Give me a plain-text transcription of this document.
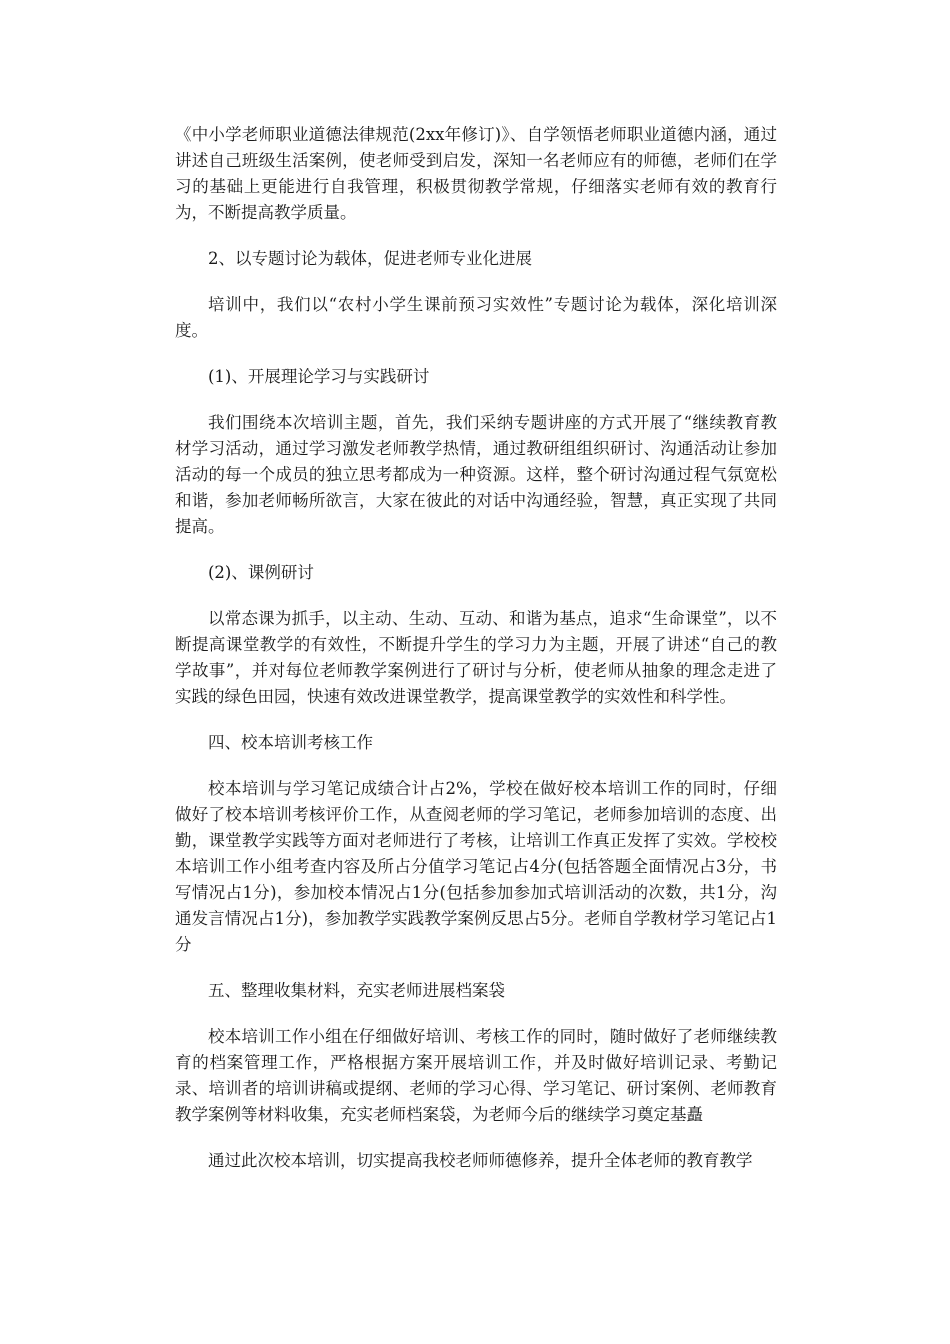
《中小学老师职业道德法律规范(2xx年修订)》、自学领悟老师职业道德内涵，通过讲述自己班级生活案例，使老师受到启发，深知一名老师应有的师德，老师们在学习的基础上更能进行自我管理，积极贯彻教学常规，仔细落实老师有效的教育行为，不断提高教学质量。

2、以专题讨论为载体，促进老师专业化进展

培训中，我们以“农村小学生课前预习实效性”专题讨论为载体，深化培训深度。

(1)、开展理论学习与实践研讨

我们围绕本次培训主题，首先，我们采纳专题讲座的方式开展了“继续教育教材学习活动，通过学习激发老师教学热情，通过教研组组织研讨、沟通活动让参加活动的每一个成员的独立思考都成为一种资源。这样，整个研讨沟通过程气氛宽松和谐，参加老师畅所欲言，大家在彼此的对话中沟通经验，智慧，真正实现了共同提高。

(2)、课例研讨

以常态课为抓手，以主动、生动、互动、和谐为基点，追求“生命课堂”，以不断提高课堂教学的有效性，不断提升学生的学习力为主题，开展了讲述“自己的教学故事”，并对每位老师教学案例进行了研讨与分析，使老师从抽象的理念走进了实践的绿色田园，快速有效改进课堂教学，提高课堂教学的实效性和科学性。

四、校本培训考核工作

校本培训与学习笔记成绩合计占2%，学校在做好校本培训工作的同时，仔细做好了校本培训考核评价工作，从查阅老师的学习笔记，老师参加培训的态度、出勤，课堂教学实践等方面对老师进行了考核，让培训工作真正发挥了实效。学校校本培训工作小组考查内容及所占分值学习笔记占4分(包括答题全面情况占3分，书写情况占1分)，参加校本情况占1分(包括参加参加式培训活动的次数，共1分，沟通发言情况占1分)，参加教学实践教学案例反思占5分。老师自学教材学习笔记占1分

五、整理收集材料，充实老师进展档案袋

校本培训工作小组在仔细做好培训、考核工作的同时，随时做好了老师继续教育的档案管理工作，严格根据方案开展培训工作，并及时做好培训记录、考勤记录、培训者的培训讲稿或提纲、老师的学习心得、学习笔记、研讨案例、老师教育教学案例等材料收集，充实老师档案袋，为老师今后的继续学习奠定基矗

通过此次校本培训，切实提高我校老师师德修养，提升全体老师的教育教学
